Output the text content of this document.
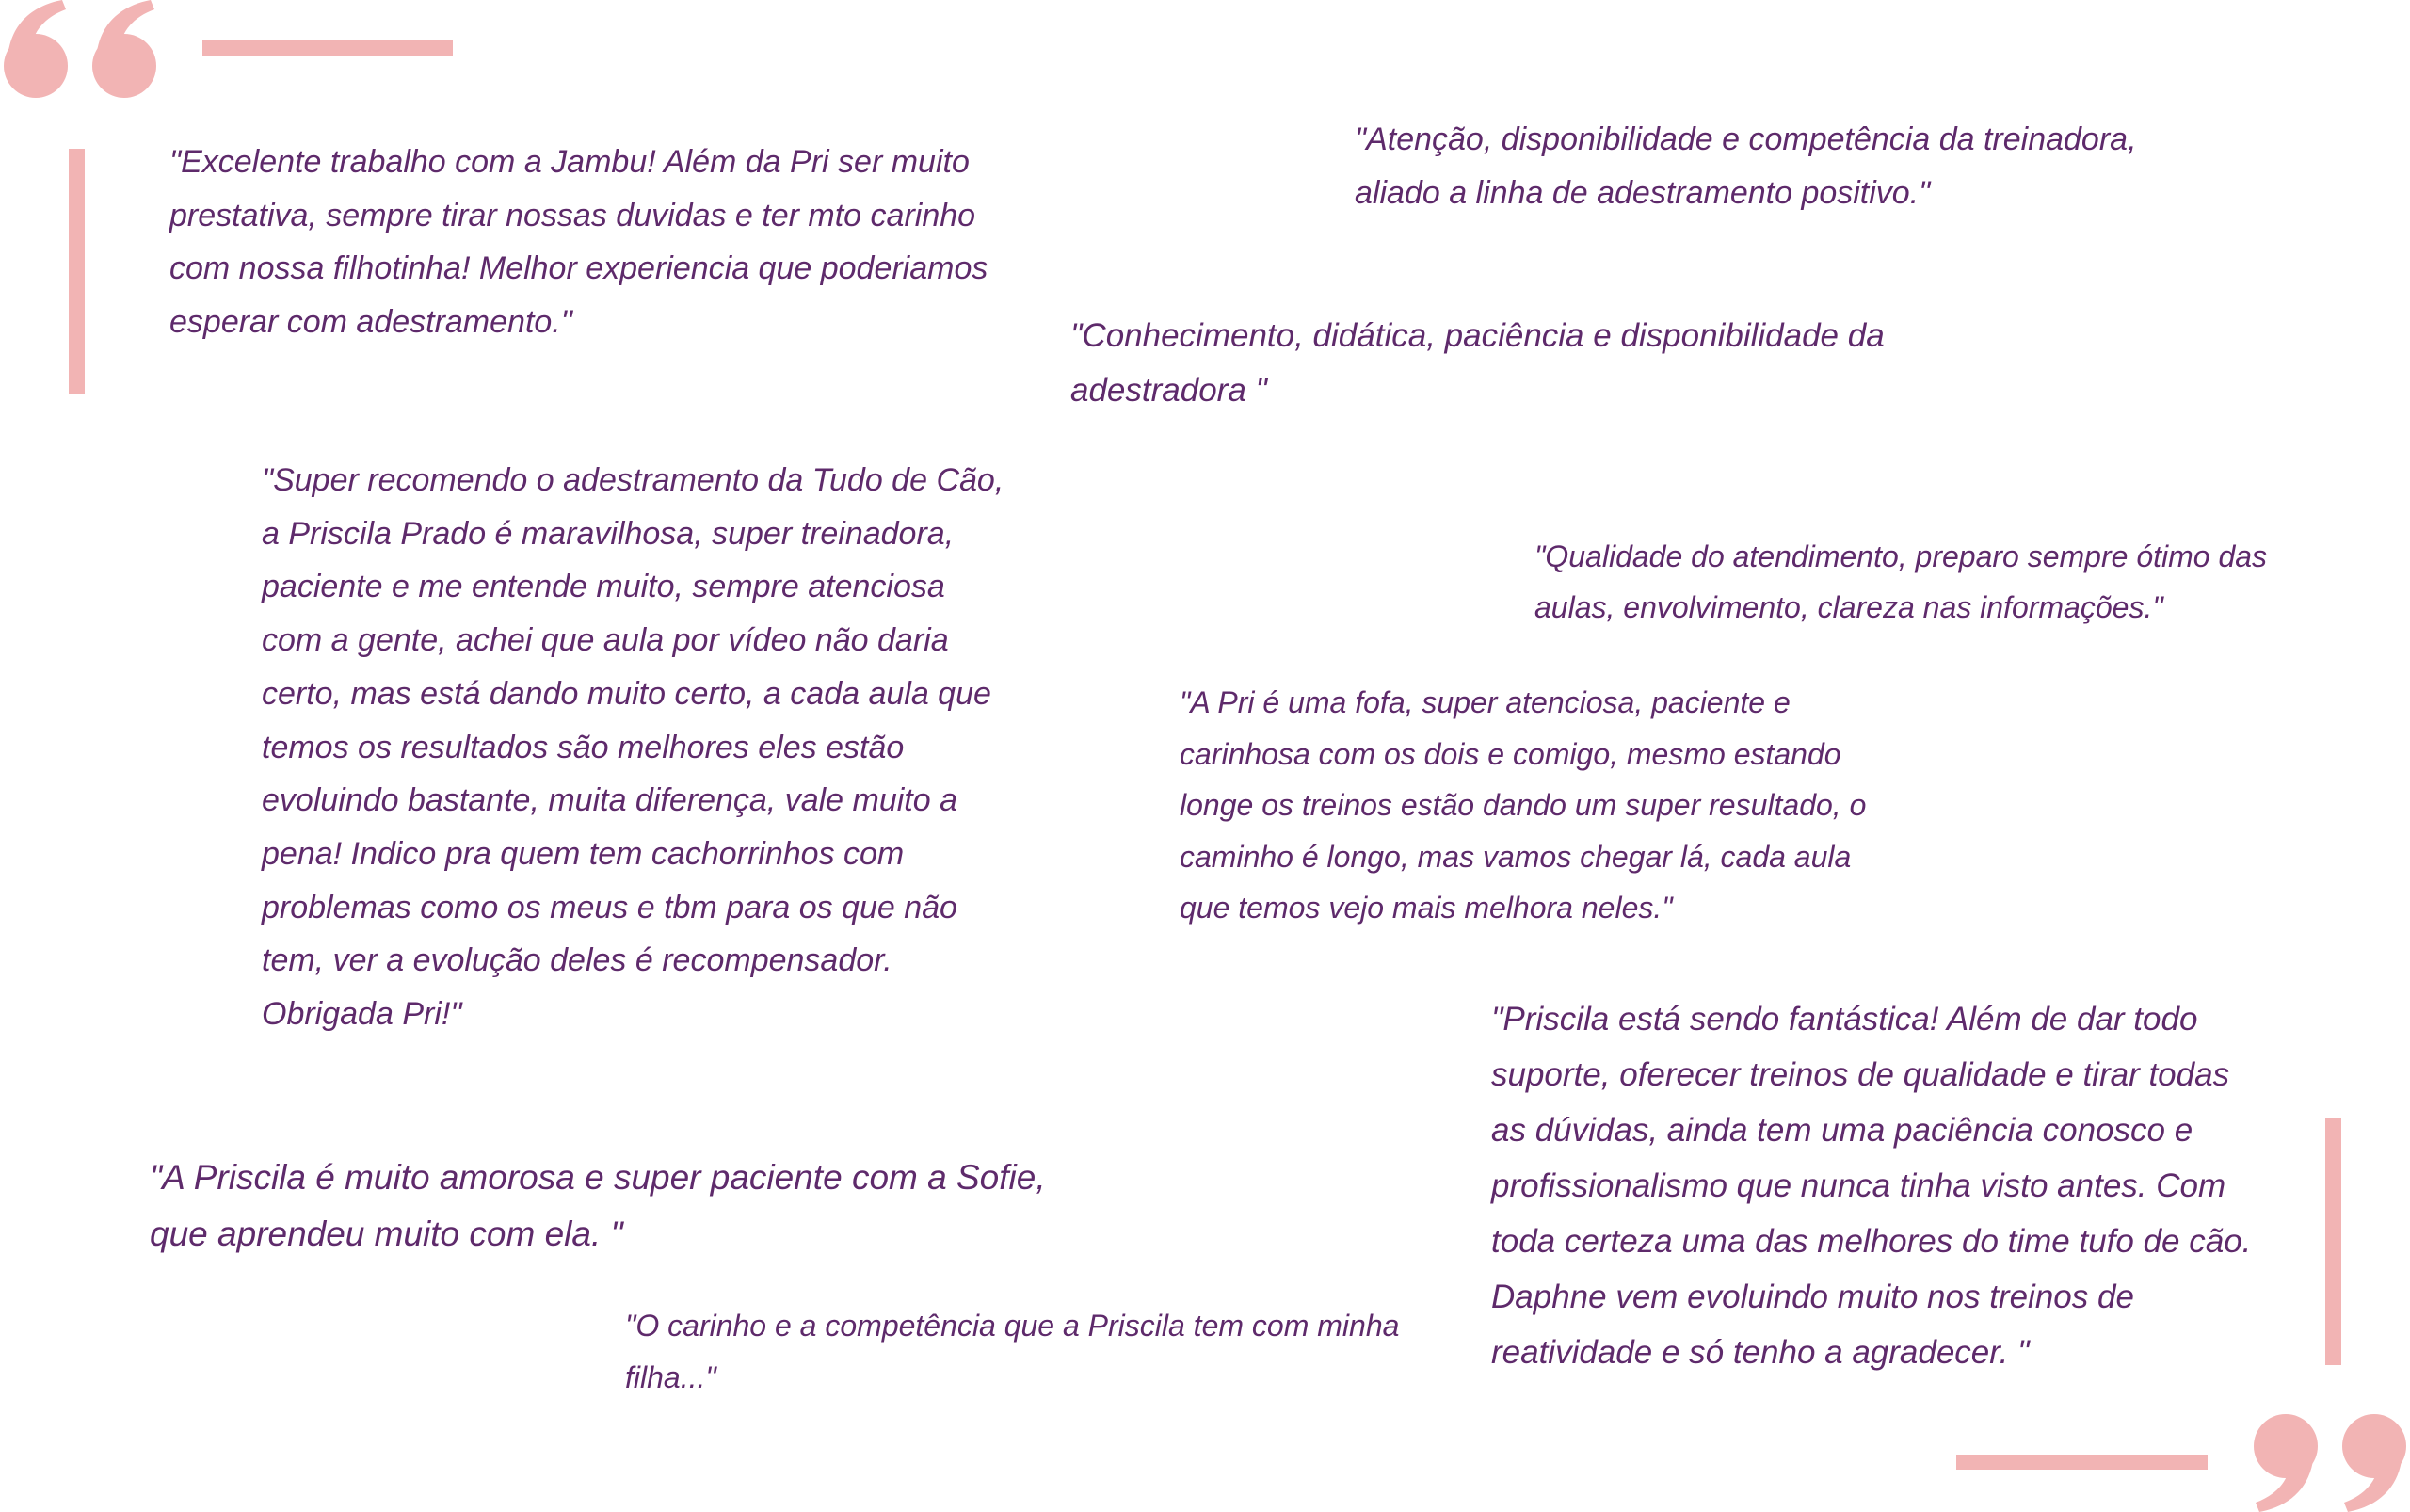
"Excelente trabalho com a Jambu! Além da Pri ser muito
prestativa, sempre tirar nossas duvidas e ter mto carinho
com nossa filhotinha! Melhor experiencia que poderiamos
esperar com adestramento."

"Atenção, disponibilidade e competência da treinadora,
aliado a linha de adestramento positivo."

"Conhecimento, didática, paciência e disponibilidade da
adestradora "

"Super recomendo o adestramento da Tudo de Cão,
a Priscila Prado é maravilhosa, super treinadora,
paciente e me entende muito, sempre atenciosa
com a gente, achei que aula por vídeo não daria
certo, mas está dando muito certo, a cada aula que
temos os resultados são melhores eles estão
evoluindo bastante, muita diferença, vale muito a
pena! Indico pra quem tem cachorrinhos com
problemas como os meus e tbm para os que não
tem, ver a evolução deles é recompensador.
Obrigada Pri!"

"Qualidade do atendimento, preparo sempre ótimo das
aulas, envolvimento, clareza nas informações."

"A Pri é uma fofa, super atenciosa, paciente e
carinhosa com os dois e comigo, mesmo estando
longe os treinos estão dando um super resultado, o
caminho é longo, mas vamos chegar lá, cada aula
que temos vejo mais melhora neles."

"Priscila está sendo fantástica! Além de dar todo
suporte, oferecer treinos de qualidade e tirar todas
as dúvidas, ainda tem uma paciência conosco e
profissionalismo que nunca tinha visto antes. Com
toda certeza uma das melhores do time tufo de cão.
Daphne vem evoluindo muito nos treinos de
reatividade e só tenho a agradecer. "

"A Priscila é muito amorosa e super paciente com a Sofie,
que aprendeu muito com ela. "

"O carinho e a competência que a Priscila tem com minha
filha..."
